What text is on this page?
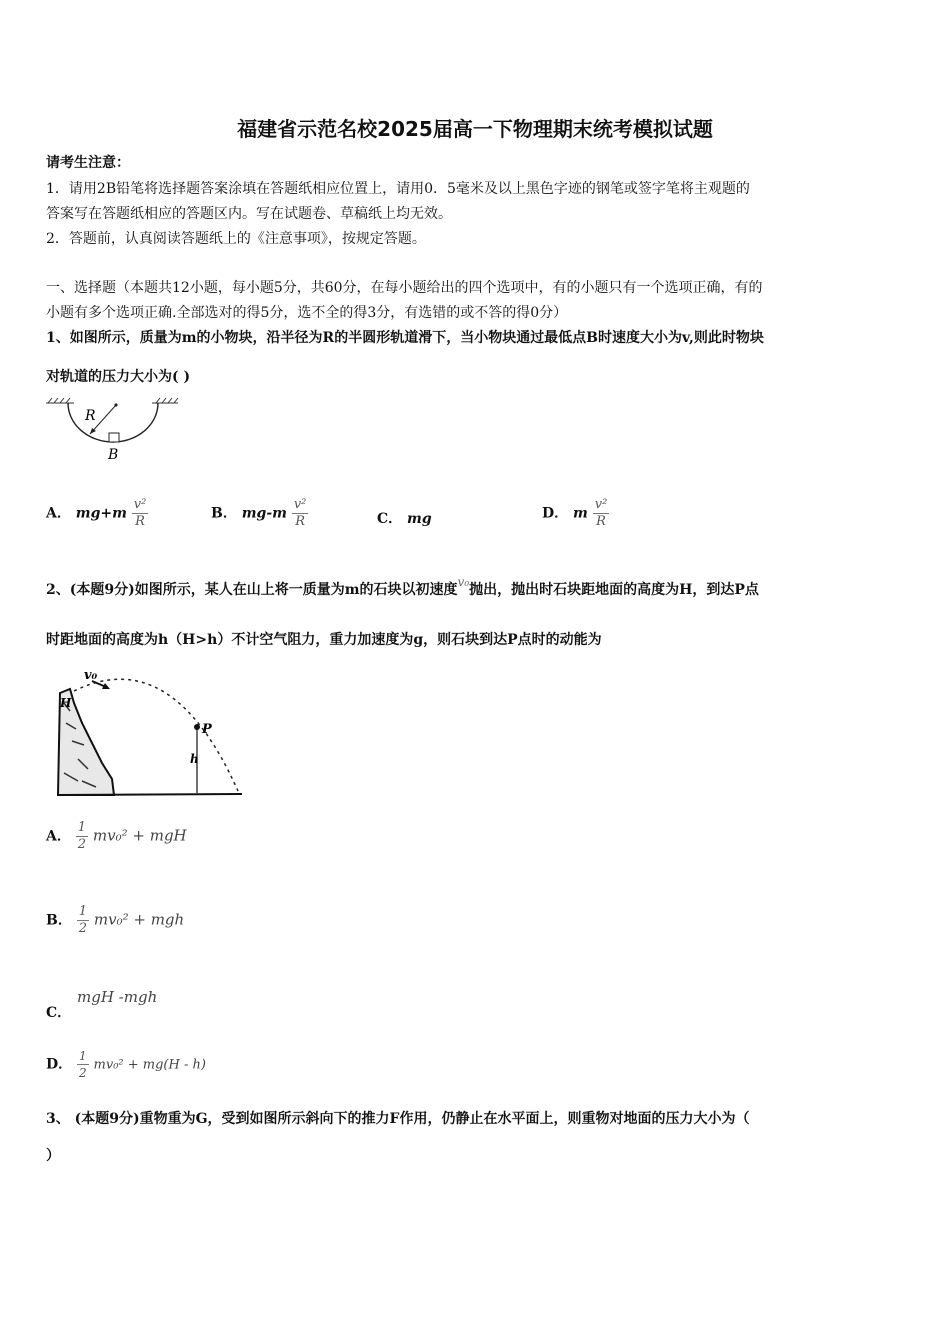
福建省示范名校2025届高一下物理期末统考模拟试题
请考生注意：
1．请用2B铅笔将选择题答案涂填在答题纸相应位置上，请用0．5毫米及以上黑色字迹的钢笔或签字笔将主观题的
答案写在答题纸相应的答题区内。写在试题卷、草稿纸上均无效。
2．答题前，认真阅读答题纸上的《注意事项》，按规定答题。
一、选择题（本题共12小题，每小题5分，共60分，在每小题给出的四个选项中，有的小题只有一个选项正确，有的
小题有多个选项正确.全部选对的得5分，选不全的得3分，有选错的或不答的得0分）
1、如图所示，质量为m的小物块，沿半径为R的半圆形轨道滑下，当小物块通过最低点B时速度大小为v,则此时物块
对轨道的压力大小为( )
R
B
A． $mg+m \frac{\text{v²}}{R}$	B． $mg-m \frac{\text{v²}}{R}$	C． mg	D． m $\frac{\text{v²}}{R}$
2、(本题9分)如图所示，某人在山上将一质量为m的石块以初速度v₀抛出，抛出时石块距地面的高度为H，到达P点
时距地面的高度为h（H>h）不计空气阻力，重力加速度为g，则石块到达P点时的动能为
v₀
H
P
h
A． $\frac{1}{2} mv_0^2$ + mgH
B． $\frac{1}{2} mv_0^2$ + mgh
C．
mgH -mgh
D． $\frac{1}{2} mv_0^2 + mg(H - h)$
3、 (本题9分)重物重为G，受到如图所示斜向下的推力F作用，仍静止在水平面上，则重物对地面的压力大小为（
）
